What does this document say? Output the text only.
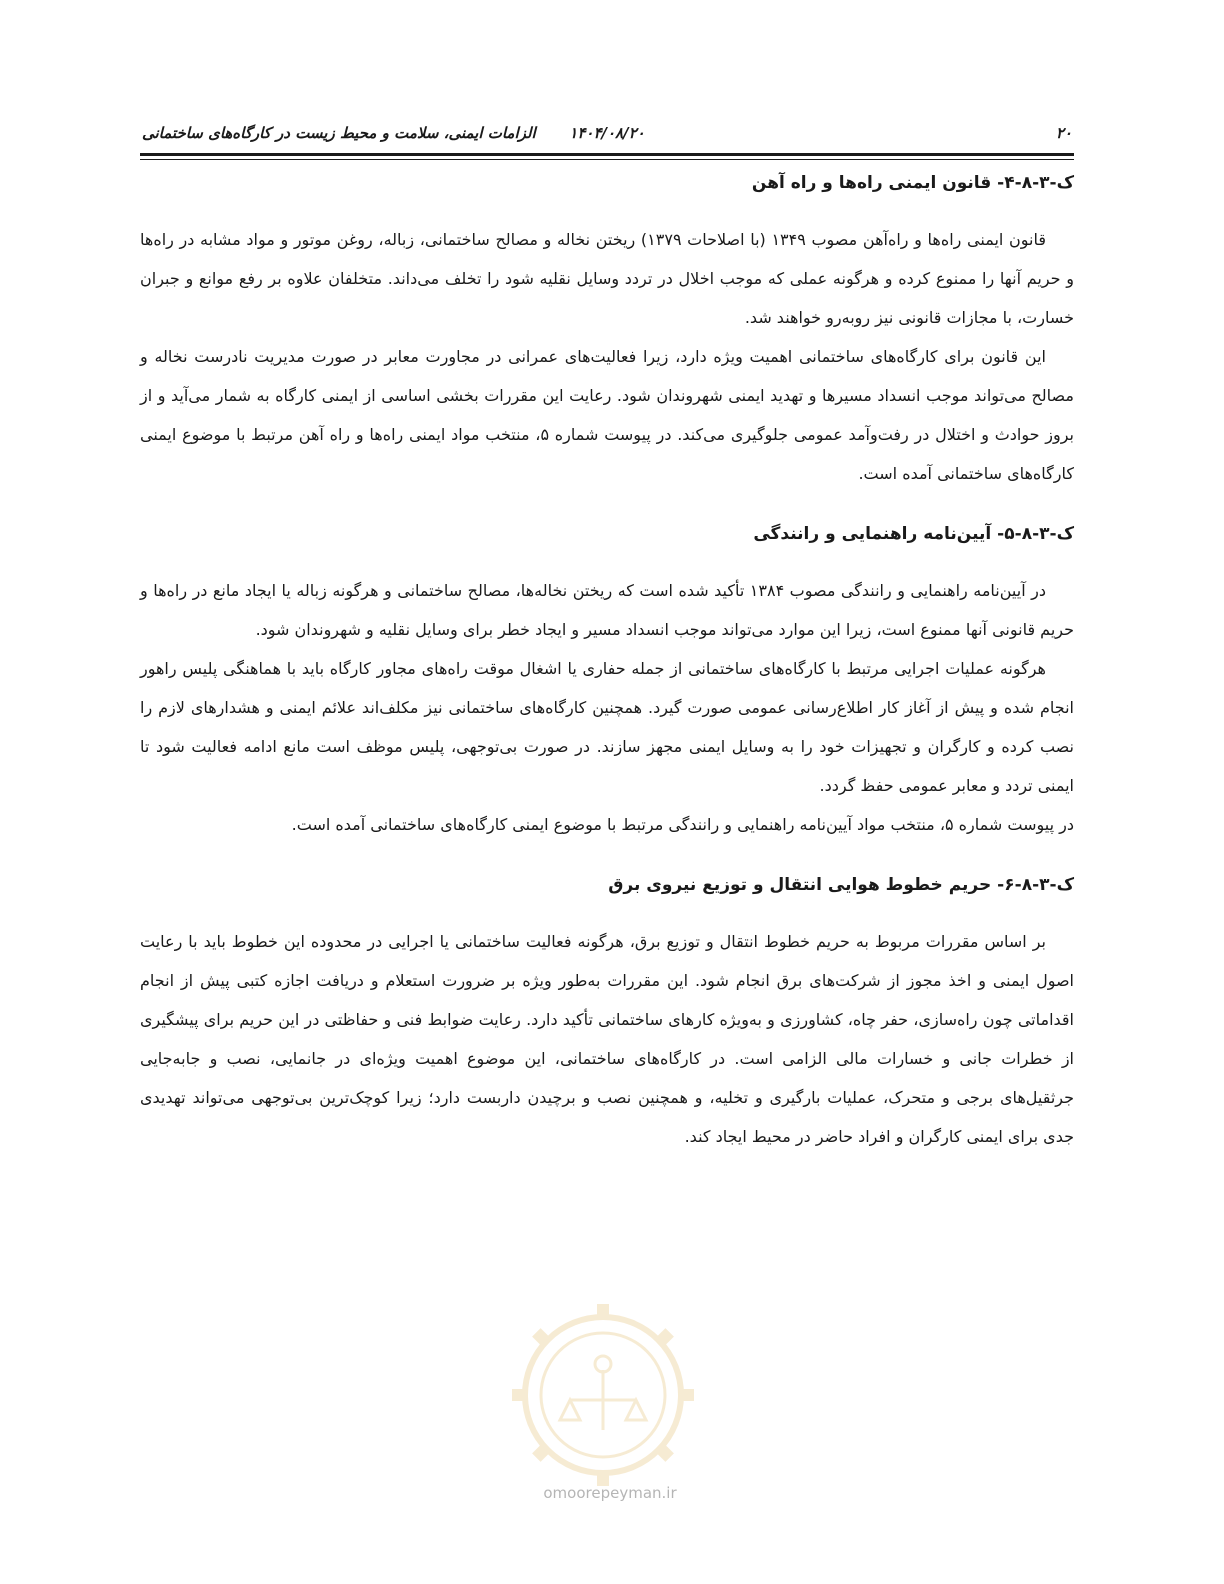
۲۰
۱۴۰۴/۰۸/۲۰
الزامات ایمنی، سلامت و محیط زیست در کارگاه‌های ساختمانی
ک-۳-۸-۴- قانون ایمنی راه‌ها و راه آهن

قانون ایمنی راه‌ها و راه‌آهن مصوب ۱۳۴۹ (با اصلاحات ۱۳۷۹) ریختن نخاله و مصالح ساختمانی، زباله، روغن موتور و مواد مشابه در راه‌ها و حریم آنها را ممنوع کرده و هرگونه عملی که موجب اخلال در تردد وسایل نقلیه شود را تخلف می‌داند. متخلفان علاوه بر رفع موانع و جبران خسارت، با مجازات قانونی نیز روبه‌رو خواهند شد.

این قانون برای کارگاه‌های ساختمانی اهمیت ویژه دارد، زیرا فعالیت‌های عمرانی در مجاورت معابر در صورت مدیریت نادرست نخاله و مصالح می‌تواند موجب انسداد مسیرها و تهدید ایمنی شهروندان شود. رعایت این مقررات بخشی اساسی از ایمنی کارگاه به شمار می‌آید و از بروز حوادث و اختلال در رفت‌وآمد عمومی جلوگیری می‌کند. در پیوست شماره ۵، منتخب مواد ایمنی راه‌ها و راه آهن مرتبط با موضوع ایمنی کارگاه‌های ساختمانی آمده است.

ک-۳-۸-۵- آیین‌نامه راهنمایی و رانندگی

در آیین‌نامه راهنمایی و رانندگی مصوب ۱۳۸۴ تأکید شده است که ریختن نخاله‌ها، مصالح ساختمانی و هرگونه زباله یا ایجاد مانع در راه‌ها و حریم قانونی آنها ممنوع است، زیرا این موارد می‌تواند موجب انسداد مسیر و ایجاد خطر برای وسایل نقلیه و شهروندان شود.

هرگونه عملیات اجرایی مرتبط با کارگاه‌های ساختمانی از جمله حفاری یا اشغال موقت راه‌های مجاور کارگاه باید با هماهنگی پلیس راهور انجام شده و پیش از آغاز کار اطلاع‌رسانی عمومی صورت گیرد. همچنین کارگاه‌های ساختمانی نیز مکلف‌اند علائم ایمنی و هشدارهای لازم را نصب کرده و کارگران و تجهیزات خود را به وسایل ایمنی مجهز سازند. در صورت بی‌توجهی، پلیس موظف است مانع ادامه فعالیت شود تا ایمنی تردد و معابر عمومی حفظ گردد.

در پیوست شماره ۵، منتخب مواد آیین‌نامه راهنمایی و رانندگی مرتبط با موضوع ایمنی کارگاه‌های ساختمانی آمده است.

ک-۳-۸-۶- حریم خطوط هوایی انتقال و توزیع نیروی برق

بر اساس مقررات مربوط به حریم خطوط انتقال و توزیع برق، هرگونه فعالیت ساختمانی یا اجرایی در محدوده این خطوط باید با رعایت اصول ایمنی و اخذ مجوز از شرکت‌های برق انجام شود. این مقررات به‌طور ویژه بر ضرورت استعلام و دریافت اجازه کتبی پیش از انجام اقداماتی چون راه‌سازی، حفر چاه، کشاورزی و به‌ویژه کارهای ساختمانی تأکید دارد. رعایت ضوابط فنی و حفاظتی در این حریم برای پیشگیری از خطرات جانی و خسارات مالی الزامی است. در کارگاه‌های ساختمانی، این موضوع اهمیت ویژه‌ای در جانمایی، نصب و جابه‌جایی جرثقیل‌های برجی و متحرک، عملیات بارگیری و تخلیه، و همچنین نصب و برچیدن داربست دارد؛ زیرا کوچک‌ترین بی‌توجهی می‌تواند تهدیدی جدی برای ایمنی کارگران و افراد حاضر در محیط ایجاد کند.

omoorepeyman.ir
